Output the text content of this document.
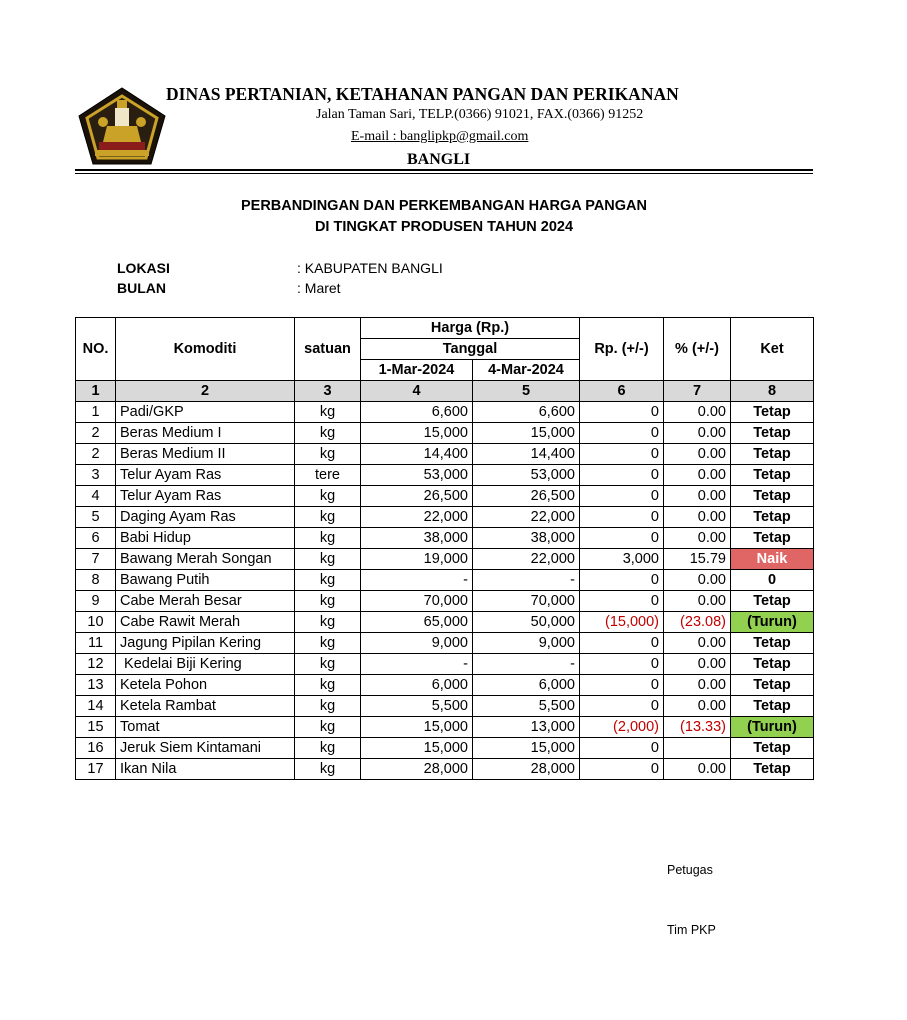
DINAS PERTANIAN, KETAHANAN PANGAN DAN PERIKANAN
Jalan Taman Sari, TELP.(0366) 91021, FAX.(0366) 91252
E-mail : banglipkp@gmail.com
BANGLI
PERBANDINGAN DAN PERKEMBANGAN HARGA PANGAN
DI TINGKAT PRODUSEN TAHUN 2024
LOKASI	: KABUPATEN BANGLI
BULAN	: Maret
NO.	Komoditi	satuan	Harga (Rp.)		Rp. (+/-)	% (+/-)	Ket
			Tanggal				
			1-Mar-2024	4-Mar-2024			
1	2	3	4	5	6	7	8
1	Padi/GKP	kg	6,600	6,600	0	0.00	Tetap
2	Beras Medium I	kg	15,000	15,000	0	0.00	Tetap
2	Beras Medium II	kg	14,400	14,400	0	0.00	Tetap
3	Telur Ayam Ras	tere	53,000	53,000	0	0.00	Tetap
4	Telur Ayam Ras	kg	26,500	26,500	0	0.00	Tetap
5	Daging Ayam Ras	kg	22,000	22,000	0	0.00	Tetap
6	Babi Hidup	kg	38,000	38,000	0	0.00	Tetap
7	Bawang Merah Songan	kg	19,000	22,000	3,000	15.79	Naik
8	Bawang Putih	kg	-	-	0	0.00	0
9	Cabe Merah Besar	kg	70,000	70,000	0	0.00	Tetap
10	Cabe Rawit Merah	kg	65,000	50,000	(15,000)	(23.08)	(Turun)
11	Jagung Pipilan Kering	kg	9,000	9,000	0	0.00	Tetap
12	Kedelai Biji Kering	kg	-	-	0	0.00	Tetap
13	Ketela Pohon	kg	6,000	6,000	0	0.00	Tetap
14	Ketela Rambat	kg	5,500	5,500	0	0.00	Tetap
15	Tomat	kg	15,000	13,000	(2,000)	(13.33)	(Turun)
16	Jeruk Siem Kintamani	kg	15,000	15,000	0		Tetap
17	Ikan Nila	kg	28,000	28,000	0	0.00	Tetap
Petugas
Tim PKP
